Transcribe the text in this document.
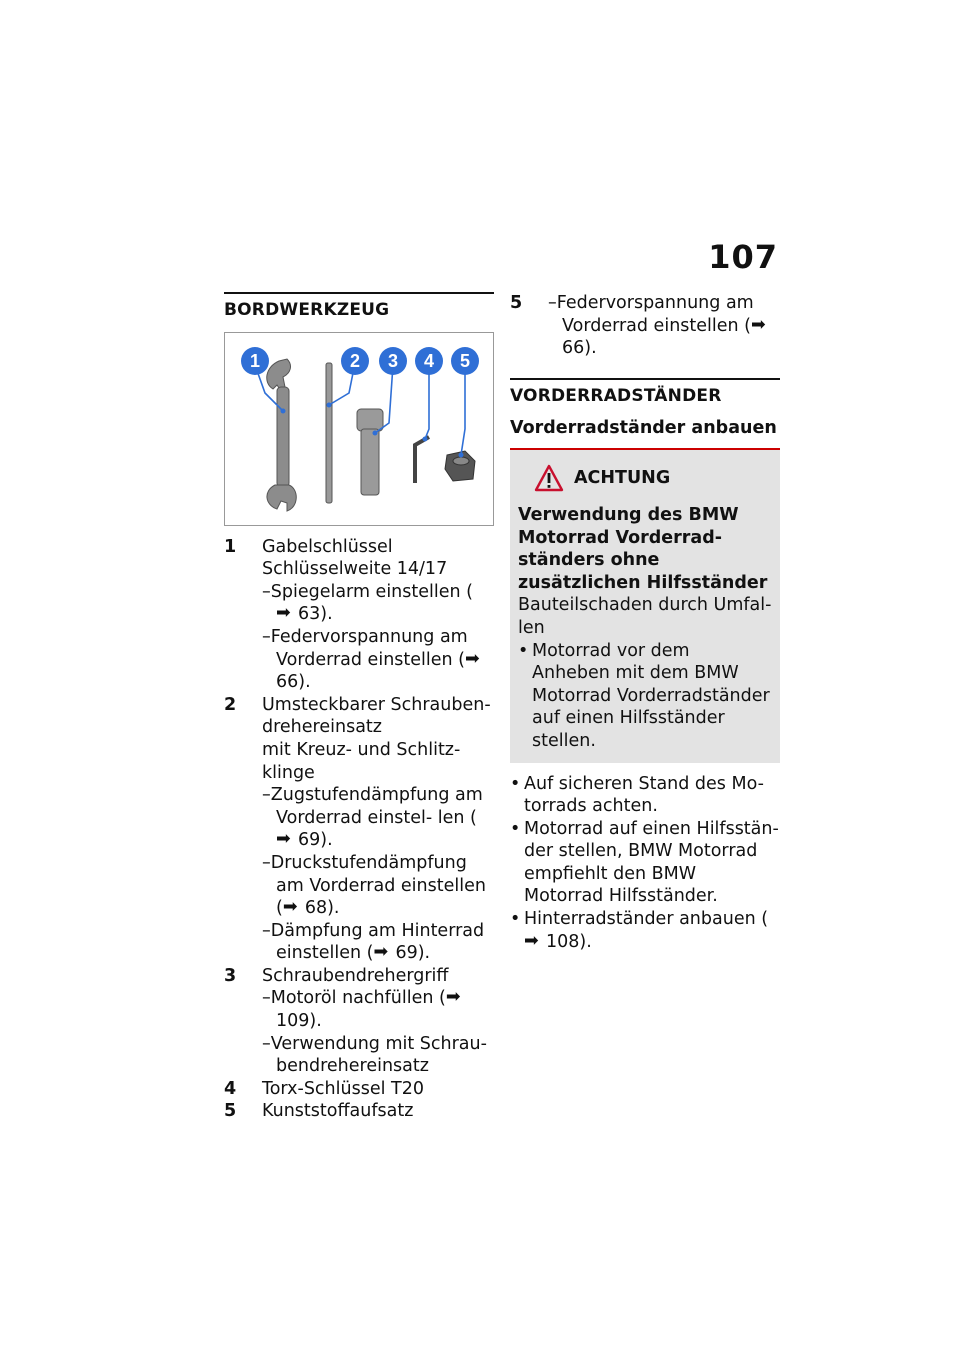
107
BORDWERKZEUG
1	2 3 4 5
1	Gabelschlüssel
Schlüsselweite 14/17
–Spiegelarm einstellen (➡ 63).
–Federvorspannung am Vorderrad einstellen (➡66).
2	Umsteckbarer Schrauben-
drehereinsatz
mit Kreuz- und Schlitz-
klinge
–Zugstufendämpfung am Vorderrad einstel- len (➡ 69).
–Druckstufendämpfung am Vorderrad einstellen (➡ 68).
–Dämpfung am Hinterrad einstellen (➡ 69).
3	Schraubendrehergriff
–Motoröl nachfüllen (➡109).
–Verwendung mit Schrau- bendrehereinsatz
4	Torx-Schlüssel T20
5	Kunststoffaufsatz
5	–Federvorspannung am Vorderrad einstellen (➡66).
VORDERRADSTÄNDER
Vorderradständer anbauen
ACHTUNG
Verwendung des BMW Motorrad Vorderrad- ständers ohne zusätzlichen Hilfsständer
Bauteilschaden durch Umfal- len
• Motorrad vor dem Anheben mit dem BMW Motorrad Vorderradständer auf einen Hilfsständer stellen.
• Auf sicheren Stand des Mo- torrads achten.
• Motorrad auf einen Hilfsstän- der stellen, BMW Motorrad empfiehlt den BMW Motorrad Hilfsständer.
• Hinterradständer anbauen (➡ 108).
